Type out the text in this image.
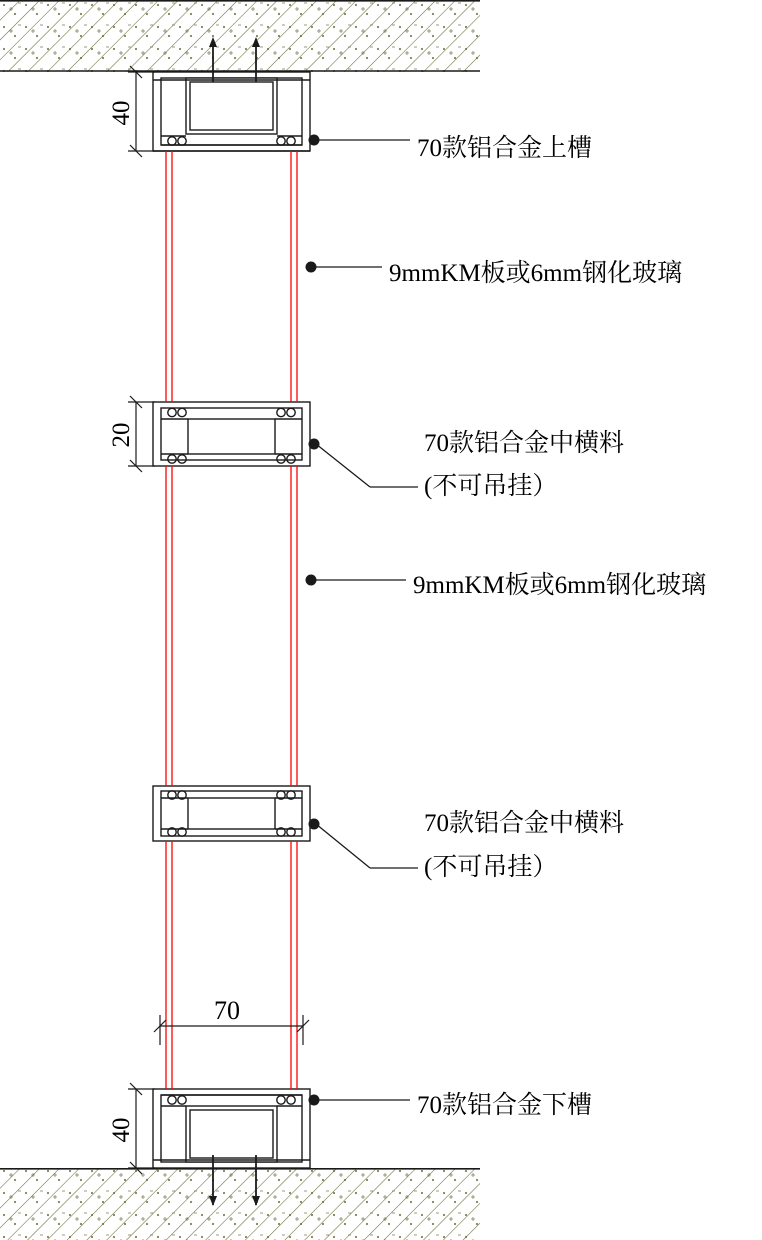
70款铝合金上槽
9mmKM板或6mm钢化玻璃
70款铝合金中横料
(不可吊挂）
9mmKM板或6mm钢化玻璃
70款铝合金中横料
(不可吊挂）
70款铝合金下槽
40
20
70
40
